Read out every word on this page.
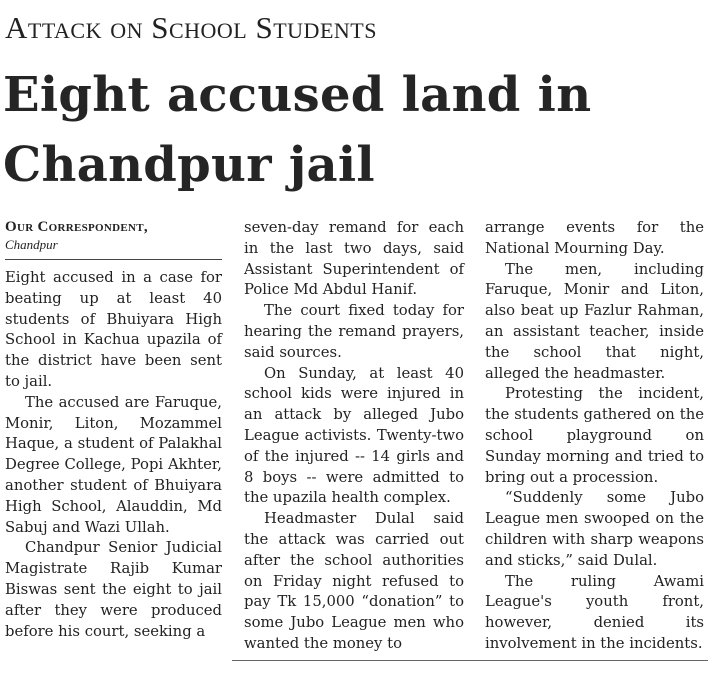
Attack on School Students
Eight accused land in Chandpur jail
Our Correspondent,
Chandpur

Eight accused in a case for beating up at least 40 students of Bhuiyara High School in Kachua upazila of the district have been sent to jail.

The accused are Faruque, Monir, Liton, Mozammel Haque, a student of Palakhal Degree College, Popi Akhter, another student of Bhuiyara High School, Alauddin, Md Sabuj and Wazi Ullah.

Chandpur Senior Judicial Magistrate Rajib Kumar Biswas sent the eight to jail after they were produced before his court, seeking a

seven-day remand for each in the last two days, said Assistant Superintendent of Police Md Abdul Hanif.

The court fixed today for hearing the remand prayers, said sources.

On Sunday, at least 40 school kids were injured in an attack by alleged Jubo League activists. Twenty-two of the injured -- 14 girls and 8 boys -- were admitted to the upazila health complex.

Headmaster Dulal said the attack was carried out after the school authorities on Friday night refused to pay Tk 15,000 “donation” to some Jubo League men who wanted the money to

arrange events for the National Mourning Day.

The men, including Faruque, Monir and Liton, also beat up Fazlur Rahman, an assistant teacher, inside the school that night, alleged the headmaster.

Protesting the incident, the students gathered on the school playground on Sunday morning and tried to bring out a procession.

“Suddenly some Jubo League men swooped on the children with sharp weapons and sticks,” said Dulal.

The ruling Awami League's youth front, however, denied its involvement in the incidents.
